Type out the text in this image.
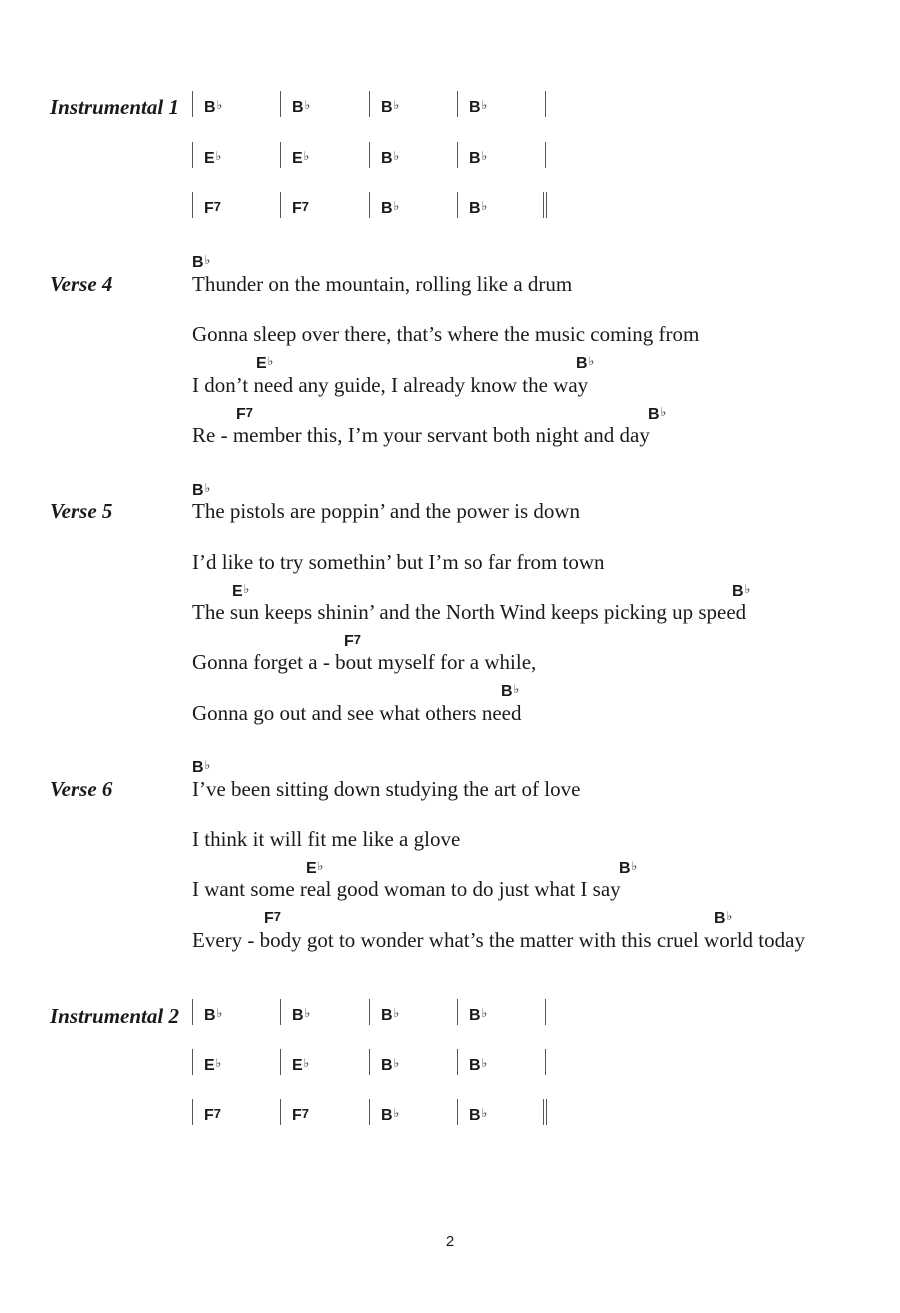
Instrumental 1 B♭	B♭	B♭	B♭
E♭	E♭	B♭	B♭
F7	F7	B♭	B♭
Verse 4
B♭
Thunder on the mountain, rolling like a drum
Gonna sleep over there, that’s where the music coming from
E♭	B♭
I don’t need any guide, I already know the way
F7	B♭
Re - member this, I’m your servant both night and day
Verse 5
B♭
The pistols are poppin’ and the power is down
I’d like to try somethin’ but I’m so far from town
E♭	B♭
The sun keeps shinin’ and the North Wind keeps picking up speed
F7
Gonna forget a - bout myself for a while,
B♭
Gonna go out and see what others need
Verse 6
B♭
I’ve been sitting down studying the art of love
I think it will fit me like a glove
E♭	B♭
I want some real good woman to do just what I say
F7	B♭
Every - body got to wonder what’s the matter with this cruel world today
Instrumental 2 B♭	B♭	B♭	B♭
E♭	E♭	B♭	B♭
F7	F7	B♭	B♭
2
